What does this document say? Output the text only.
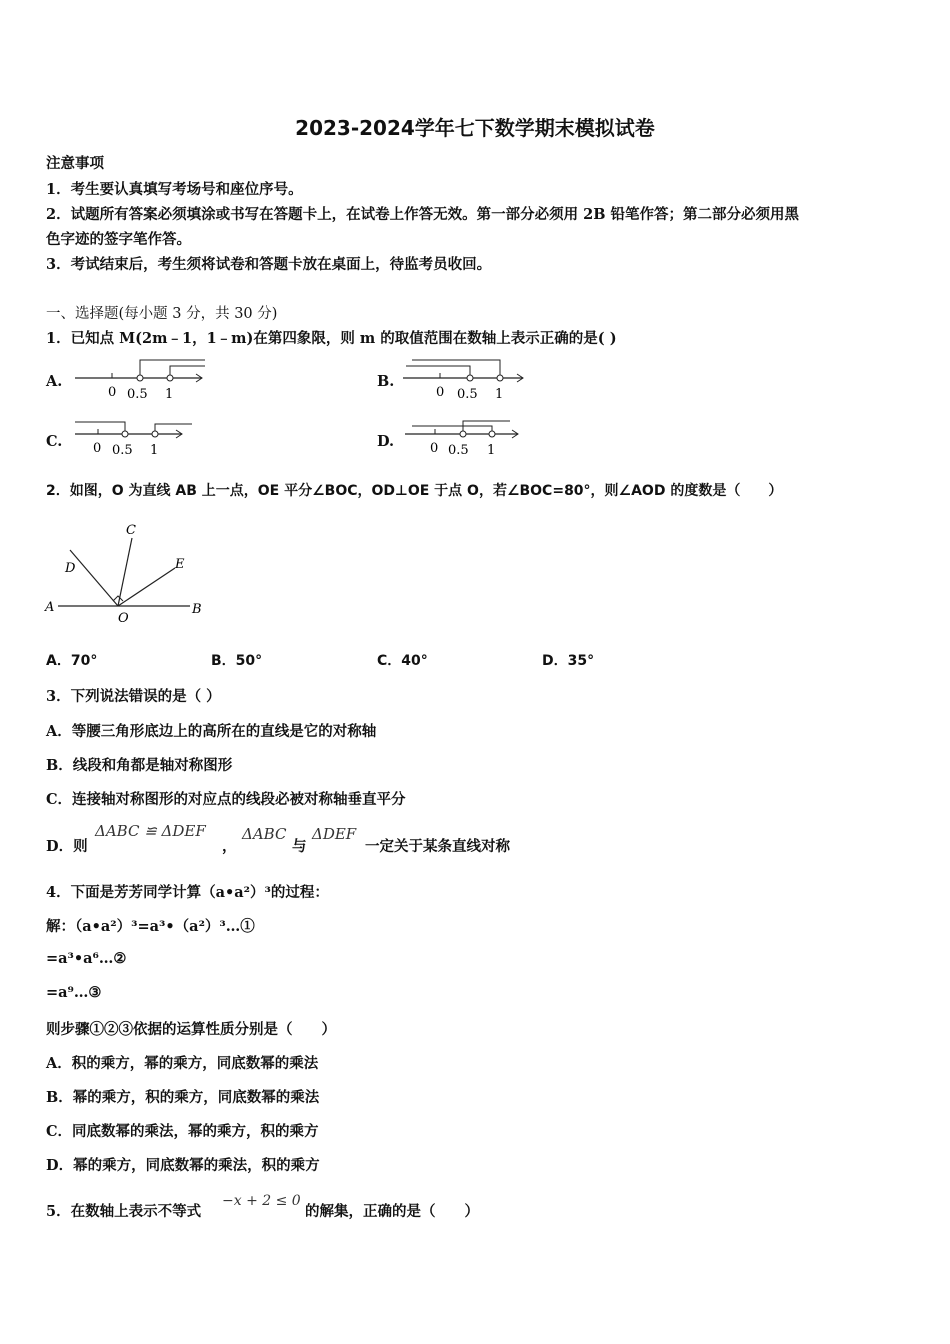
2023-2024学年七下数学期末模拟试卷
注意事项
1．考生要认真填写考场号和座位序号。
2．试题所有答案必须填涂或书写在答题卡上，在试卷上作答无效。第一部分必须用 2B 铅笔作答；第二部分必须用黑
色字迹的签字笔作答。
3．考试结束后，考生须将试卷和答题卡放在桌面上，待监考员收回。
一、选择题(每小题 3 分，共 30 分)
1．已知点 M(2m﹣1，1﹣m)在第四象限，则 m 的取值范围在数轴上表示正确的是( )
A.
0 0.5 1
B.
0 0.5 1
C. 0 0.5 1
D.	0 0.5 1
2．如图，O 为直线 AB 上一点，OE 平分∠BOC，OD⊥OE 于点 O，若∠BOC=80°，则∠AOD 的度数是（　　）
C
D	E
A
O
B
A．70°	B．50°	C．40°	D．35°
3．下列说法错误的是（ ）
A．等腰三角形底边上的高所在的直线是它的对称轴
B．线段和角都是轴对称图形
C．连接轴对称图形的对应点的线段必被对称轴垂直平分
D．则
ΔABC ≌ ΔDEF
，
ΔABC
与
ΔDEF
一定关于某条直线对称
4．下面是芳芳同学计算（a•a²）³的过程：
解：（a•a²）³=a³•（a²）³…①
=a³•a⁶…②
=a⁹…③
则步骤①②③依据的运算性质分别是（　　）
A．积的乘方，幂的乘方，同底数幂的乘法
B．幂的乘方，积的乘方，同底数幂的乘法
C．同底数幂的乘法，幂的乘方，积的乘方
D．幂的乘方，同底数幂的乘法，积的乘方
5．在数轴上表示不等式
−x + 2 ≤ 0
的解集，正确的是（　　）
